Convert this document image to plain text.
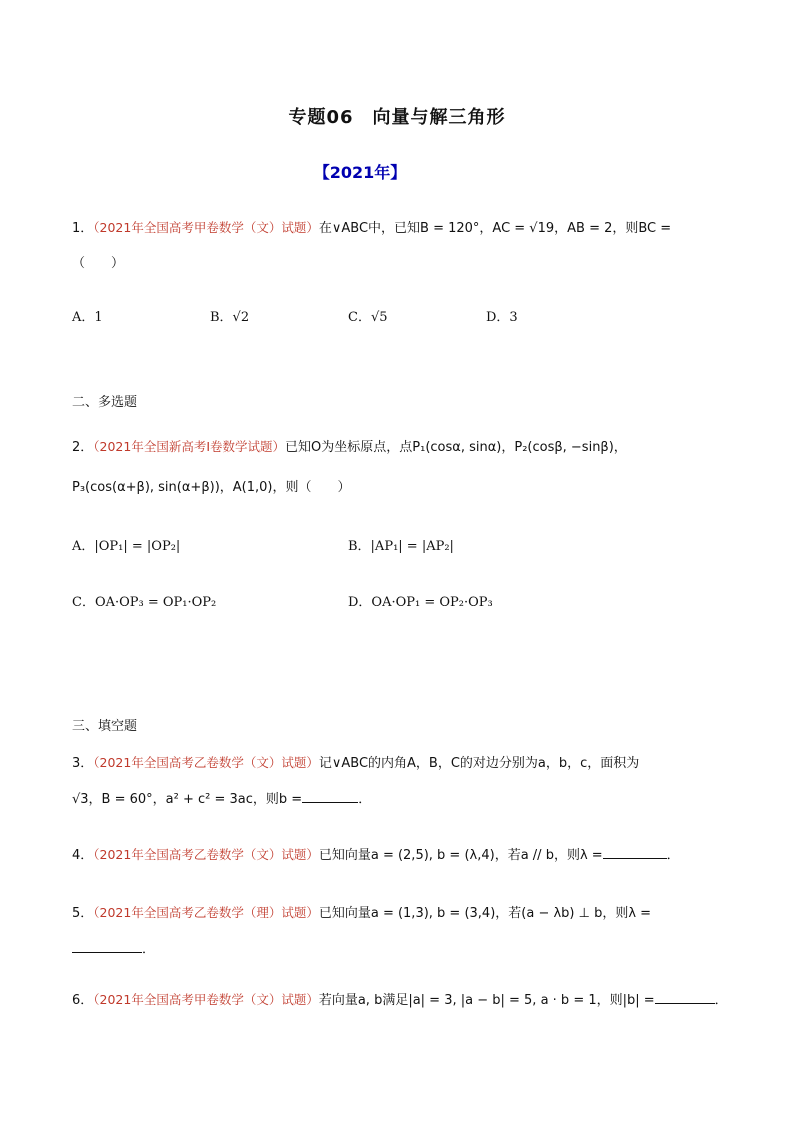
专题06　向量与解三角形
【2021年】
1．（2021年全国高考甲卷数学（文）试题）在∨ABC中，已知B = 120°，AC = √19，AB = 2，则BC =
（　　）
A．1	B．√2	C．√5	D．3
二、多选题
2．（2021年全国新高考Ⅰ卷数学试题）已知O为坐标原点，点P₁(cosα, sinα)，P₂(cosβ, −sinβ)，
P₃(cos(α+β), sin(α+β))，A(1,0)，则（　　）
A．|OP₁| = |OP₂|	B．|AP₁| = |AP₂|
C．OA·OP₃ = OP₁·OP₂	D．OA·OP₁ = OP₂·OP₃
三、填空题
3．（2021年全国高考乙卷数学（文）试题）记∨ABC的内角A，B，C的对边分别为a，b，c，面积为
√3，B = 60°，a² + c² = 3ac，则b =	．
4．（2021年全国高考乙卷数学（文）试题）已知向量a = (2,5), b = (λ,4)，若a // b，则λ =	．
5．（2021年全国高考乙卷数学（理）试题）已知向量a = (1,3), b = (3,4)，若(a − λb) ⊥ b，则λ =
．
6．（2021年全国高考甲卷数学（文）试题）若向量a, b满足|a| = 3, |a − b| = 5, a · b = 1，则|b| =	．
